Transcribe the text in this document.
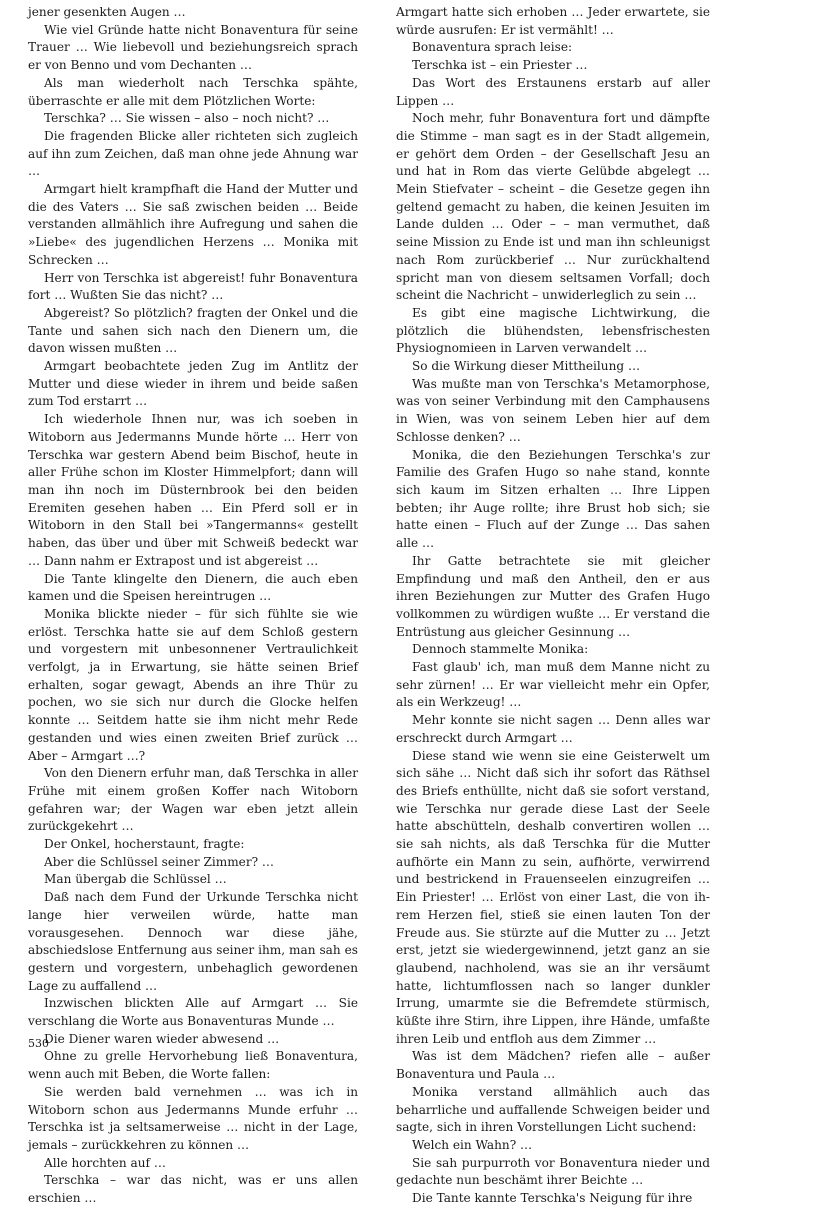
jener gesenkten Augen …

Wie viel Gründe hatte nicht Bonaventura für seine Trauer … Wie liebevoll und beziehungsreich sprach er von Benno und vom Dechanten …

Als man wiederholt nach Terschka spähte, überraschte er alle mit dem Plötzlichen Worte:

Terschka? … Sie wissen – also – noch nicht? …

Die fragenden Blicke aller richteten sich zugleich auf ihn zum Zeichen, daß man ohne jede Ahnung war …

Armgart hielt krampfhaft die Hand der Mutter und die des Vaters … Sie saß zwischen beiden … Beide verstanden allmählich ihre Aufregung und sahen die »Liebe« des jugendlichen Herzens … Monika mit Schrecken …

Herr von Terschka ist abgereist! fuhr Bonaventura fort … Wußten Sie das nicht? …

Abgereist? So plötzlich? fragten der Onkel und die Tante und sahen sich nach den Dienern um, die davon wissen mußten …

Armgart beobachtete jeden Zug im Antlitz der Mutter und diese wieder in ihrem und beide saßen zum Tod erstarrt …

Ich wiederhole Ihnen nur, was ich soeben in Witoborn aus Jedermanns Munde hörte … Herr von Terschka war gestern Abend beim Bischof, heute in aller Frühe schon im Kloster Himmelpfort; dann will man ihn noch im Düsternbrook bei den beiden Eremiten gesehen haben … Ein Pferd soll er in Witoborn in den Stall bei »Tangermanns« gestellt haben, das über und über mit Schweiß bedeckt war … Dann nahm er Extrapost und ist abgereist …

Die Tante klingelte den Dienern, die auch eben kamen und die Speisen hereintrugen …

Monika blickte nieder – für sich fühlte sie wie erlöst. Terschka hatte sie auf dem Schloß gestern und vorgestern mit unbesonnener Vertraulichkeit verfolgt, ja in Erwartung, sie hätte seinen Brief erhalten, sogar gewagt, Abends an ihre Thür zu pochen, wo sie sich nur durch die Glocke helfen konnte … Seitdem hatte sie ihm nicht mehr Rede gestanden und wies einen zweiten Brief zurück … Aber – Armgart …?

Von den Dienern erfuhr man, daß Terschka in aller Frühe mit einem großen Koffer nach Witoborn gefahren war; der Wagen war eben jetzt allein zurückgekehrt …

Der Onkel, hocherstaunt, fragte:

Aber die Schlüssel seiner Zimmer? …

Man übergab die Schlüssel …

Daß nach dem Fund der Urkunde Terschka nicht lange hier verweilen würde, hatte man vorausgesehen. Dennoch war diese jähe, abschiedslose Entfernung aus seiner ihm, man sah es gestern und vorgestern, unbehaglich gewordenen Lage zu auffallend …

Inzwischen blickten Alle auf Armgart … Sie verschlang die Worte aus Bonaventuras Munde …

Die Diener waren wieder abwesend …

Ohne zu grelle Hervorhebung ließ Bonaventura, wenn auch mit Beben, die Worte fallen:

Sie werden bald vernehmen … was ich in Witoborn schon aus Jedermanns Munde erfuhr … Terschka ist ja seltsamerweise … nicht in der Lage, jemals – zurückkehren zu können …

Alle horchten auf …

Terschka – war das nicht, was er uns allen erschien …

Armgart hatte sich erhoben … Jeder erwartete, sie würde ausrufen: Er ist vermählt! …

Bonaventura sprach leise:

Terschka ist – ein Priester …

Das Wort des Erstaunens erstarb auf aller Lippen …

Noch mehr, fuhr Bonaventura fort und dämpfte die Stimme – man sagt es in der Stadt allgemein, er gehört dem Orden – der Gesellschaft Jesu an und hat in Rom das vierte Gelübde abgelegt … Mein Stiefvater – scheint – die Gesetze gegen ihn geltend gemacht zu haben, die keinen Jesuiten im Lande dulden … Oder – – man vermuthet, daß seine Mission zu Ende ist und man ihn schleunigst nach Rom zurückberief … Nur zurückhaltend spricht man von diesem seltsamen Vorfall; doch scheint die Nachricht – unwiderleglich zu sein …

Es gibt eine magische Lichtwirkung, die plötzlich die blühendsten, lebensfrischesten Physiognomieen in Larven verwandelt …

So die Wirkung dieser Mittheilung …

Was mußte man von Terschka's Metamorphose, was von seiner Verbindung mit den Camphausens in Wien, was von seinem Leben hier auf dem Schlosse denken? …

Monika, die den Beziehungen Terschka's zur Familie des Grafen Hugo so nahe stand, konnte sich kaum im Sitzen erhalten … Ihre Lippen bebten; ihr Auge rollte; ihre Brust hob sich; sie hatte einen – Fluch auf der Zunge … Das sahen alle …

Ihr Gatte betrachtete sie mit gleicher Empfindung und maß den Antheil, den er aus ihren Beziehungen zur Mutter des Grafen Hugo vollkommen zu würdigen wußte … Er verstand die Entrüstung aus gleicher Gesinnung …

Dennoch stammelte Monika:

Fast glaub' ich, man muß dem Manne nicht zu sehr zürnen! … Er war vielleicht mehr ein Opfer, als ein Werkzeug! …

Mehr konnte sie nicht sagen … Denn alles war erschreckt durch Armgart …

Diese stand wie wenn sie eine Geisterwelt um sich sähe … Nicht daß sich ihr sofort das Räthsel des Briefs enthüllte, nicht daß sie sofort verstand, wie Terschka nur gerade diese Last der Seele hatte abschütteln, deshalb convertiren wollen … sie sah nichts, als daß Terschka für die Mutter aufhörte ein Mann zu sein, aufhörte, verwirrend und bestrickend in Frauenseelen einzugreifen … Ein Priester! … Erlöst von einer Last, die von ihrem Herzen fiel, stieß sie einen lauten Ton der Freude aus. Sie stürzte auf die Mutter zu … Jetzt erst, jetzt sie wiedergewinnend, jetzt ganz an sie glaubend, nachholend, was sie an ihr versäumt hatte, lichtumflossen nach so langer dunkler Irrung, umarmte sie die Befremdete stürmisch, küßte ihre Stirn, ihre Lippen, ihre Hände, umfaßte ihren Leib und entfloh aus dem Zimmer …

Was ist dem Mädchen? riefen alle – außer Bonaventura und Paula …

Monika verstand allmählich auch das beharrliche und auffallende Schweigen beider und sagte, sich in ihren Vorstellungen Licht suchend:

Welch ein Wahn? …

Sie sah purpurroth vor Bonaventura nieder und gedachte nun beschämt ihrer Beichte …

Die Tante kannte Terschka's Neigung für ihre

530
